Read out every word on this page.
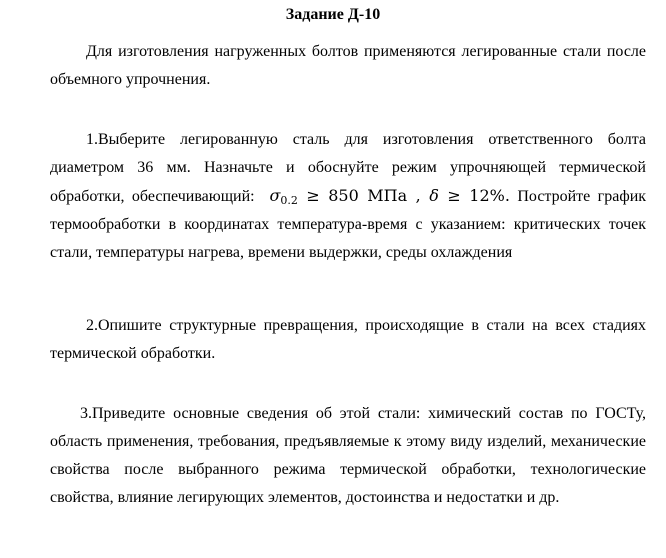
Задание Д-10
Для изготовления нагруженных болтов применяются легированные стали после объемного упрочнения.
1.Выберите легированную сталь для изготовления ответственного болта диаметром 36 мм. Назначьте и обоснуйте режим упрочняющей термической обработки, обеспечивающий: $\sigma_{0.2} \ge 850$ МПа , δ ≥ 12%. Постройте график термообработки в координатах температура-время с указанием: критических точек стали, температуры нагрева, времени выдержки, среды охлаждения
2.Опишите структурные превращения, происходящие в стали на всех стадиях термической обработки.
3.Приведите основные сведения об этой стали: химический состав по ГОСТу, область применения, требования, предъявляемые к этому виду изделий, механические свойства после выбранного режима термической обработки, технологические свойства, влияние легирующих элементов, достоинства и недостатки и др.
